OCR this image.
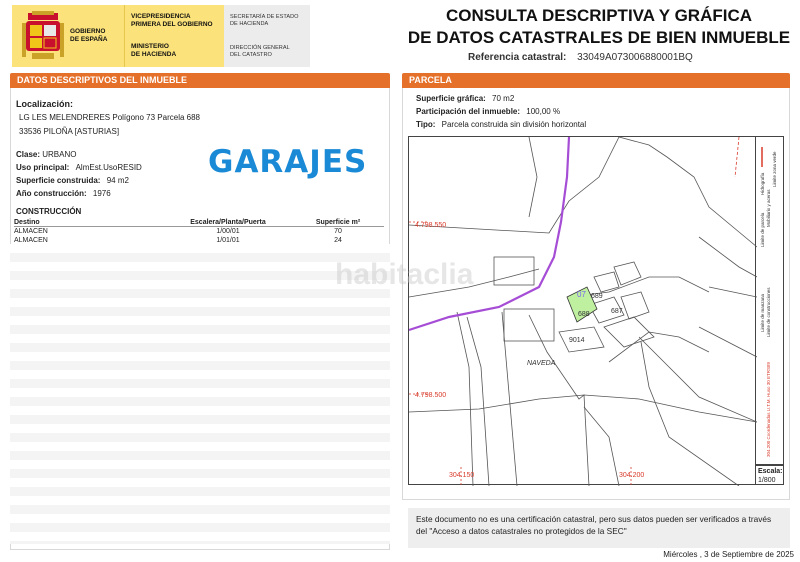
GOBIERNO
DE ESPAÑA
VICEPRESIDENCIA
PRIMERA DEL GOBIERNO
MINISTERIO
DE HACIENDA
SECRETARÍA DE ESTADO
DE HACIENDA
DIRECCIÓN GENERAL
DEL CATASTRO
CONSULTA DESCRIPTIVA Y GRÁFICA
DE DATOS CATASTRALES DE BIEN INMUEBLE
Referencia catastral: 33049A073006880001BQ
DATOS DESCRIPTIVOS DEL INMUEBLE
Localización:
LG LES MELENDRERES Polígono 73 Parcela 688
33536 PILOÑA [ASTURIAS]
Clase: URBANO
Uso principal: AlmEst.UsoRESID
Superficie construida: 94 m2
Año construcción: 1976
GARAJES
CONSTRUCCIÓN
Destino	Escalera/Planta/Puerta	Superficie m²
ALMACEN	1/00/01	70
ALMACEN	1/01/01	24
PARCELA
Superficie gráfica: 70 m2
Participación del inmueble: 100,00 %
Tipo: Parcela construida sin división horizontal
4.798.550
4.798.500
304.150	304.200
689
688	687
9014
07
NAVEDA
Limite de parcela
Hidrografía
Limite de construcciones
Mobiliario y aceras
Limite de manzana
Limite zona verde
304.200 Coordenadas U.T.M. Huso 30 ETRS89
Escala:
1/800
habitaclia
Este documento no es una certificación catastral, pero sus datos pueden ser verificados a través del "Acceso a datos catastrales no protegidos de la SEC"
Miércoles , 3 de Septiembre de 2025
